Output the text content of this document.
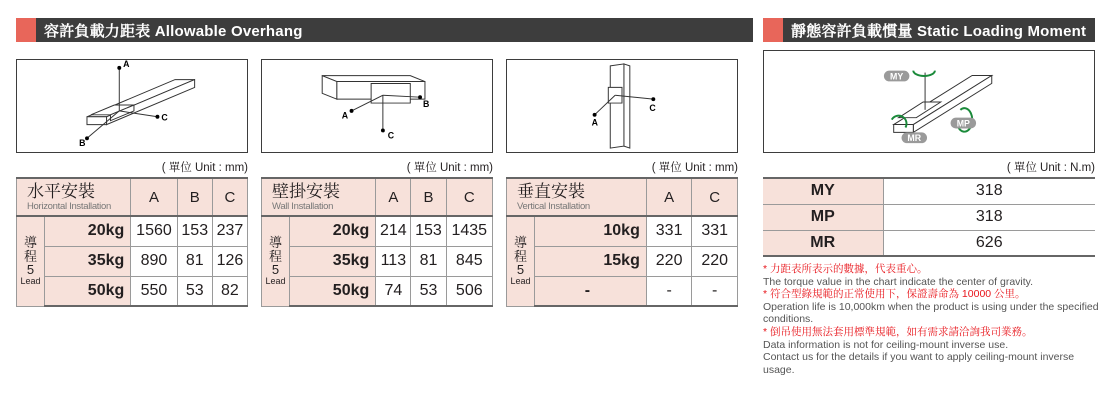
容許負載力距表 Allowable Overhang	靜態容許負載慣量 Static Loading Moment
A
C
B
A
B
C
A
C
MY
MP
MR
( 單位 Unit : mm)	( 單位 Unit : mm)	( 單位 Unit : mm)	( 單位 Unit : N.m)
水平安裝
Horizontal Installation		A	B	C

導
程
5
Lead	20kg	1560	153	237
	35kg	890	81	126
	50kg	550	53	82
壁掛安裝
Wall Installation		A	B	C

導
程
5
Lead	20kg	214	153	1435
	35kg	113	81	845
	50kg	74	53	506
垂直安裝
Vertical Installation		A	C

導
程
5
Lead	10kg	331	331
	15kg	220	220
	-	-	-
MY	318
MP	318
MR	626
* 力距表所表示的數據，代表重心。
The torque value in the chart indicate the center of gravity.
* 符合型錄規範的正常使用下，保證壽命為 10000 公里。
Operation life is 10,000km when the product is using under the specified conditions.
* 倒吊使用無法套用標準規範，如有需求請洽詢我司業務。
Data information is not for ceiling-mount inverse use.
Contact us for the details if you want to apply ceiling-mount inverse usage.
